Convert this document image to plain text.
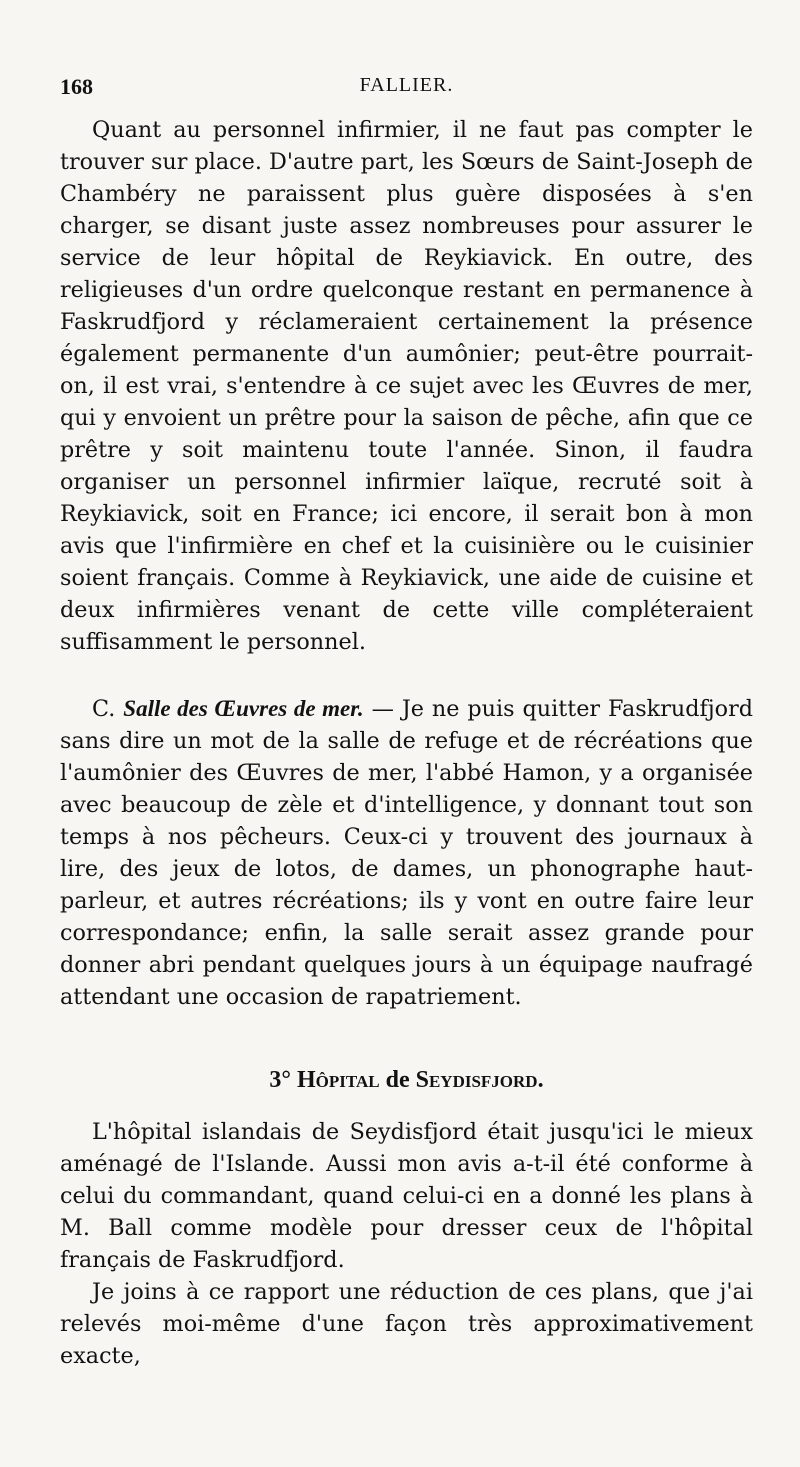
168	FALLIER.

Quant au personnel infirmier, il ne faut pas compter le trouver sur place. D'autre part, les Sœurs de Saint-Joseph de Chambéry ne paraissent plus guère disposées à s'en charger, se disant juste assez nombreuses pour assurer le service de leur hôpital de Reykiavick. En outre, des religieuses d'un ordre quelconque restant en permanence à Faskrudfjord y réclameraient certainement la présence également permanente d'un aumônier; peut-être pourrait-on, il est vrai, s'entendre à ce sujet avec les Œuvres de mer, qui y envoient un prêtre pour la saison de pêche, afin que ce prêtre y soit maintenu toute l'année. Sinon, il faudra organiser un personnel infirmier laïque, recruté soit à Reykiavick, soit en France; ici encore, il serait bon à mon avis que l'infirmière en chef et la cuisinière ou le cuisinier soient français. Comme à Reykiavick, une aide de cuisine et deux infirmières venant de cette ville compléteraient suffisamment le personnel.

C. Salle des Œuvres de mer. — Je ne puis quitter Faskrudfjord sans dire un mot de la salle de refuge et de récréations que l'aumônier des Œuvres de mer, l'abbé Hamon, y a organisée avec beaucoup de zèle et d'intelligence, y donnant tout son temps à nos pêcheurs. Ceux-ci y trouvent des journaux à lire, des jeux de lotos, de dames, un phonographe haut-parleur, et autres récréations; ils y vont en outre faire leur correspondance; enfin, la salle serait assez grande pour donner abri pendant quelques jours à un équipage naufragé attendant une occasion de rapatriement.

3° Hôpital de Seydisfjord.

L'hôpital islandais de Seydisfjord était jusqu'ici le mieux aménagé de l'Islande. Aussi mon avis a-t-il été conforme à celui du commandant, quand celui-ci en a donné les plans à M. Ball comme modèle pour dresser ceux de l'hôpital français de Faskrudfjord.

Je joins à ce rapport une réduction de ces plans, que j'ai relevés moi-même d'une façon très approximativement exacte,
